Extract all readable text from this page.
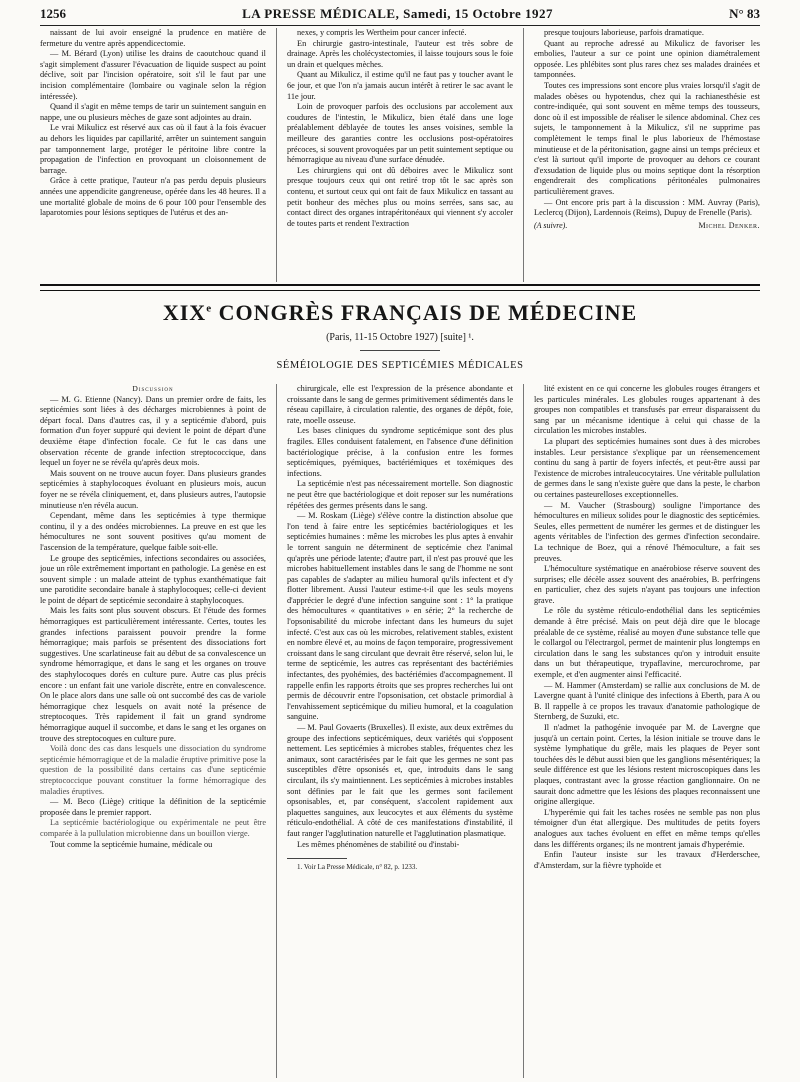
1256	LA PRESSE MÉDICALE, Samedi, 15 Octobre 1927	N° 83

naissant de lui avoir enseigné la prudence en matière de fermeture du ventre après appendicectomie.

— M. Bérard (Lyon) utilise les drains de caoutchouc quand il s'agit simplement d'assurer l'évacuation de liquide suspect au point déclive, soit par l'incision opératoire, soit s'il le faut par une incision complémentaire (lombaire ou vaginale selon la région intéressée).

Quand il s'agit en même temps de tarir un suintement sanguin en nappe, une ou plusieurs mèches de gaze sont adjointes au drain.

Le vrai Mikulicz est réservé aux cas où il faut à la fois évacuer au dehors les liquides par capillarité, arrêter un suintement sanguin par tamponnement large, protéger le péritoine libre contre la propagation de l'infection en provoquant un cloisonnement de barrage.

Grâce à cette pratique, l'auteur n'a pas perdu depuis plusieurs années une appendicite gangreneuse, opérée dans les 48 heures. Il a une mortalité globale de moins de 6 pour 100 pour l'ensemble des laparotomies pour lésions septiques de l'utérus et des an-

nexes, y compris les Wertheim pour cancer infecté.

En chirurgie gastro-intestinale, l'auteur est très sobre de drainage. Après les cholécystectomies, il laisse toujours sous le foie un drain et quelques mèches.

Quant au Mikulicz, il estime qu'il ne faut pas y toucher avant le 6e jour, et que l'on n'a jamais aucun intérêt à retirer le sac avant le 11e jour.

Loin de provoquer parfois des occlusions par accolement aux coudures de l'intestin, le Mikulicz, bien étalé dans une loge préalablement déblayée de toutes les anses voisines, semble la meilleure des garanties contre les occlusions post-opératoires précoces, si souvent provoquées par un petit suintement septique ou hémorragique au niveau d'une surface dénudée.

Les chirurgiens qui ont dû déboires avec le Mikulicz sont presque toujours ceux qui ont retiré trop tôt le sac après son contenu, et surtout ceux qui ont fait de faux Mikulicz en tassant au petit bonheur des mèches plus ou moins serrées, sans sac, au contact direct des organes intrapéritonéaux qui viennent s'y accoler de toutes parts et rendent l'extraction

presque toujours laborieuse, parfois dramatique.

Quant au reproche adressé au Mikulicz de favoriser les embolies, l'auteur a sur ce point une opinion diamétralement opposée. Les phlébites sont plus rares chez ses malades drainées et tamponnées.

Toutes ces impressions sont encore plus vraies lorsqu'il s'agit de malades obèses ou hypotendus, chez qui la rachianesthésie est contre-indiquée, qui sont souvent en même temps des tousseurs, donc où il est impossible de réaliser le silence abdominal. Chez ces sujets, le tamponnement à la Mikulicz, s'il ne supprime pas complètement le temps final le plus laborieux de l'hémostase minutieuse et de la péritonisation, gagne ainsi un temps précieux et c'est là surtout qu'il importe de provoquer au dehors ce courant d'exsudation de liquide plus ou moins septique dont la résorption engendrerait des complications péritonéales pulmonaires particulièrement graves.

— Ont encore pris part à la discussion : MM. Auvray (Paris), Leclercq (Dijon), Lardennois (Reims), Dupuy de Frenelle (Paris).

(A suivre).	Michel Denker.
XIXe CONGRÈS FRANÇAIS DE MÉDECINE
(Paris, 11-15 Octobre 1927) [suite] ¹.
SÉMÉIOLOGIE DES SEPTICÉMIES MÉDICALES

Discussion

— M. G. Etienne (Nancy). Dans un premier ordre de faits, les septicémies sont liées à des décharges microbiennes à point de départ focal. Dans d'autres cas, il y a septicémie d'abord, puis formation d'un foyer suppuré qui devient le point de départ d'une deuxième étape d'infection focale. Ce fut le cas dans une observation récente de grande infection streptococcique, dans lequel un foyer ne se révéla qu'après deux mois.

Mais souvent on ne trouve aucun foyer. Dans plusieurs grandes septicémies à staphylocoques évoluant en plusieurs mois, aucun foyer ne se révéla cliniquement, et, dans plusieurs autres, l'autopsie minutieuse n'en révéla aucun.

Cependant, même dans les septicémies à type thermique continu, il y a des ondées microbiennes. La preuve en est que les hémocultures ne sont souvent positives qu'au moment de l'ascension de la température, quelque faible soit-elle.

Le groupe des septicémies, infections secondaires ou associées, joue un rôle extrêmement important en pathologie. La genèse en est souvent simple : un malade atteint de typhus exanthématique fait une parotidite secondaire banale à staphylocoques; celle-ci devient le point de départ de septicémie secondaire à staphylocoques.

Mais les faits sont plus souvent obscurs. Et l'étude des formes hémorragiques est particulièrement intéressante. Certes, toutes les grandes infections paraissent pouvoir prendre la forme hémorragique; mais parfois se présentent des dissociations fort suggestives. Une scarlatineuse fait au début de sa convalescence un syndrome hémorragique, et dans le sang et les organes on trouve des staphylocoques dorés en culture pure. Autre cas plus précis encore : un enfant fait une variole discrète, entre en convalescence. On le place alors dans une salle où ont succombé des cas de variole hémorragique chez lesquels on avait noté la présence de streptocoques. Très rapidement il fait un grand syndrome hémorragique auquel il succombe, et dans le sang et les organes on trouve des streptocoques en culture pure.

Voilà donc des cas dans lesquels une dissociation du syndrome septicémie hémorragique et de la maladie éruptive primitive pose la question de la possibilité dans certains cas d'une septicémie streptococcique pouvant constituer la forme hémorragique des maladies éruptives.

— M. Beco (Liège) critique la définition de la septicémie proposée dans le premier rapport.

La septicémie bactériologique ou expérimentale ne peut être comparée à la pullulation microbienne dans un bouillon vierge.

Tout comme la septicémie humaine, médicale ou

chirurgicale, elle est l'expression de la présence abondante et croissante dans le sang de germes primitivement sédimentés dans le réseau capillaire, à circulation ralentie, des organes de dépôt, foie, rate, moelle osseuse.

Les bases cliniques du syndrome septicémique sont des plus fragiles. Elles conduisent fatalement, en l'absence d'une définition bactériologique précise, à la confusion entre les formes septicémiques, pyémiques, bactériémiques et toxémiques des infections.

La septicémie n'est pas nécessairement mortelle. Son diagnostic ne peut être que bactériologique et doit reposer sur les numérations répétées des germes présents dans le sang.

— M. Roskam (Liège) s'élève contre la distinction absolue que l'on tend à faire entre les septicémies bactériologiques et les septicémies humaines : même les microbes les plus aptes à envahir le torrent sanguin ne déterminent de septicémie chez l'animal qu'après une période latente; d'autre part, il n'est pas prouvé que les microbes habituellement instables dans le sang de l'homme ne sont pas capables de s'adapter au milieu humoral qu'ils infectent et d'y flotter librement. Aussi l'auteur estime-t-il que les seuls moyens d'apprécier le degré d'une infection sanguine sont : 1° la pratique des hémocultures « quantitatives » en série; 2° la recherche de l'opsonisabilité du microbe infectant dans les humeurs du sujet infecté. C'est aux cas où les microbes, relativement stables, existent en nombre élevé et, au moins de façon temporaire, progressivement croissant dans le sang circulant que devrait être réservé, selon lui, le terme de septicémie, les autres cas représentant des bactériémies infectantes, des pyohémies, des bactériémies d'accompagnement. Il rappelle enfin les rapports étroits que ses propres recherches lui ont permis de découvrir entre l'opsonisation, cet obstacle primordial à l'envahissement septicémique du milieu humoral, et la coagulation sanguine.

— M. Paul Govaerts (Bruxelles). Il existe, aux deux extrêmes du groupe des infections septicémiques, deux variétés qui s'opposent nettement. Les septicémies à microbes stables, fréquentes chez les animaux, sont caractérisées par le fait que les germes ne sont pas susceptibles d'être opsonisés et, que, introduits dans le sang circulant, ils s'y maintiennent. Les septicémies à microbes instables sont définies par le fait que les germes sont facilement opsonisables, et, par conséquent, s'accolent rapidement aux plaquettes sanguines, aux leucocytes et aux éléments du système réticulo-endothélial. A côté de ces manifestations d'instabilité, il faut ranger l'agglutination naturelle et l'agglutination plasmatique.

Les mêmes phénomènes de stabilité ou d'instabi-

1. Voir La Presse Médicale, n° 82, p. 1233.

lité existent en ce qui concerne les globules rouges étrangers et les particules minérales. Les globules rouges appartenant à des groupes non compatibles et transfusés par erreur disparaissent du sang par un mécanisme identique à celui qui chasse de la circulation les microbes instables.

La plupart des septicémies humaines sont dues à des microbes instables. Leur persistance s'explique par un réensemencement continu du sang à partir de foyers infectés, et peut-être aussi par l'existence de microbes intraleucocytaires. Une véritable pullulation de germes dans le sang n'existe guère que dans la peste, le charbon ou certaines pasteurelloses exceptionnelles.

— M. Vaucher (Strasbourg) souligne l'importance des hémocultures en milieux solides pour le diagnostic des septicémies. Seules, elles permettent de numérer les germes et de distinguer les agents véritables de l'infection des germes d'infection secondaire. La technique de Boez, qui a rénové l'hémoculture, a fait ses preuves.

L'hémoculture systématique en anaérobiose réserve souvent des surprises; elle décèle assez souvent des anaérobies, B. perfringens en particulier, chez des sujets n'ayant pas toujours une infection grave.

Le rôle du système réticulo-endothélial dans les septicémies demande à être précisé. Mais on peut déjà dire que le blocage préalable de ce système, réalisé au moyen d'une substance telle que le collargol ou l'électrargol, permet de maintenir plus longtemps en circulation dans le sang les substances qu'on y introduit ensuite dans un but thérapeutique, trypaflavine, mercurochrome, par exemple, et d'en augmenter ainsi l'efficacité.

— M. Hammer (Amsterdam) se rallie aux conclusions de M. de Lavergne quant à l'unité clinique des infections à Eberth, para A ou B. Il rappelle à ce propos les travaux d'anatomie pathologique de Sternberg, de Suzuki, etc.

Il n'admet la pathogénie invoquée par M. de Lavergne que jusqu'à un certain point. Certes, la lésion initiale se trouve dans le système lymphatique du grêle, mais les plaques de Peyer sont touchées dès le début aussi bien que les ganglions mésentériques; la seule différence est que les lésions restent microscopiques dans les plaques, contrastant avec la grosse réaction ganglionnaire. On ne saurait donc admettre que les lésions des plaques reconnaissent une origine allergique.

L'hyperémie qui fait les taches rosées ne semble pas non plus témoigner d'un état allergique. Des multitudes de petits foyers analogues aux taches évoluent en effet en même temps qu'elles dans les différents organes; ils ne montrent jamais d'hyperémie.

Enfin l'auteur insiste sur les travaux d'Herderschee, d'Amsterdam, sur la fièvre typhoïde et
